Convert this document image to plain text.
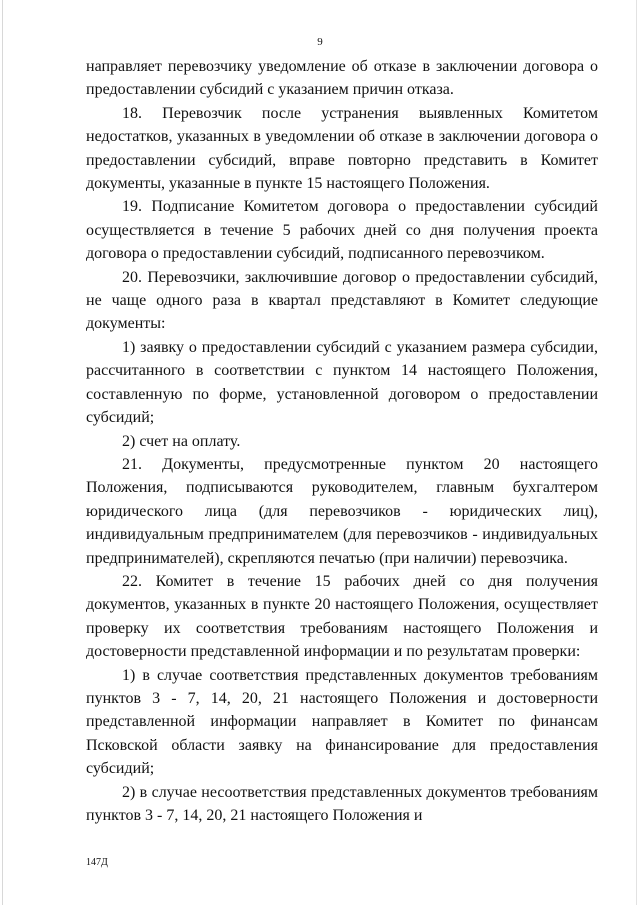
9

направляет перевозчику уведомление об отказе в заключении договора о предоставлении субсидий с указанием причин отказа.

18. Перевозчик после устранения выявленных Комитетом недостатков, указанных в уведомлении об отказе в заключении договора о предоставлении субсидий, вправе повторно представить в Комитет документы, указанные в пункте 15 настоящего Положения.

19. Подписание Комитетом договора о предоставлении субсидий осуществляется в течение 5 рабочих дней со дня получения проекта договора о предоставлении субсидий, подписанного перевозчиком.

20. Перевозчики, заключившие договор о предоставлении субсидий, не чаще одного раза в квартал представляют в Комитет следующие документы:

1) заявку о предоставлении субсидий с указанием размера субсидии, рассчитанного в соответствии с пунктом 14 настоящего Положения, составленную по форме, установленной договором о предоставлении субсидий;

2) счет на оплату.

21. Документы, предусмотренные пунктом 20 настоящего Положения, подписываются руководителем, главным бухгалтером юридического лица (для перевозчиков - юридических лиц), индивидуальным предпринимателем (для перевозчиков - индивидуальных предпринимателей), скрепляются печатью (при наличии) перевозчика.

22. Комитет в течение 15 рабочих дней со дня получения документов, указанных в пункте 20 настоящего Положения, осуществляет проверку их соответствия требованиям настоящего Положения и достоверности представленной информации и по результатам проверки:

1) в случае соответствия представленных документов требованиям пунктов 3 - 7, 14, 20, 21 настоящего Положения и достоверности представленной информации направляет в Комитет по финансам Псковской области заявку на финансирование для предоставления субсидий;

2) в случае несоответствия представленных документов требованиям пунктов 3 - 7, 14, 20, 21 настоящего Положения и

147Д
